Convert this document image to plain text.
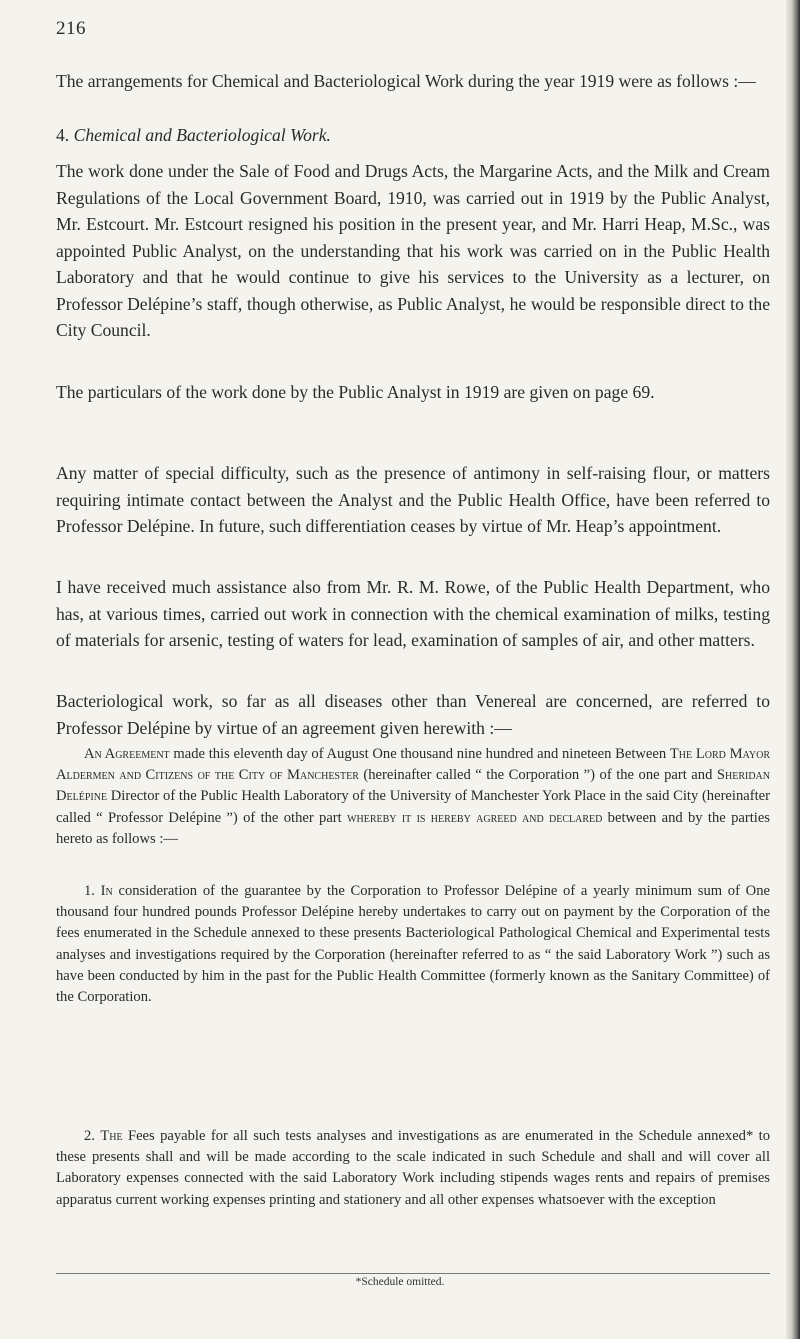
216

The arrangements for Chemical and Bacteriological Work during the year 1919 were as follows :—

4. Chemical and Bacteriological Work.

The work done under the Sale of Food and Drugs Acts, the Margarine Acts, and the Milk and Cream Regulations of the Local Government Board, 1910, was carried out in 1919 by the Public Analyst, Mr. Estcourt. Mr. Estcourt resigned his position in the present year, and Mr. Harri Heap, M.Sc., was appointed Public Analyst, on the understanding that his work was carried on in the Public Health Laboratory and that he would continue to give his services to the University as a lecturer, on Professor Delépine’s staff, though otherwise, as Public Analyst, he would be responsible direct to the City Council.

The particulars of the work done by the Public Analyst in 1919 are given on page 69.

Any matter of special difficulty, such as the presence of antimony in self-raising flour, or matters requiring intimate contact between the Analyst and the Public Health Office, have been referred to Professor Delépine. In future, such differentiation ceases by virtue of Mr. Heap’s appointment.

I have received much assistance also from Mr. R. M. Rowe, of the Public Health Department, who has, at various times, carried out work in connection with the chemical examination of milks, testing of materials for arsenic, testing of waters for lead, examination of samples of air, and other matters.

Bacteriological work, so far as all diseases other than Venereal are concerned, are referred to Professor Delépine by virtue of an agreement given herewith :—

An Agreement made this eleventh day of August One thousand nine hundred and nineteen Between The Lord Mayor Aldermen and Citizens of the City of Manchester (hereinafter called “ the Corporation ”) of the one part and Sheridan Delépine Director of the Public Health Laboratory of the University of Manchester York Place in the said City (hereinafter called “ Professor Delépine ”) of the other part whereby it is hereby agreed and declared between and by the parties hereto as follows :—

1. In consideration of the guarantee by the Corporation to Professor Delépine of a yearly minimum sum of One thousand four hundred pounds Professor Delépine hereby undertakes to carry out on payment by the Corporation of the fees enumerated in the Schedule annexed to these presents Bacteriological Pathological Chemical and Experimental tests analyses and investigations required by the Corporation (hereinafter referred to as “ the said Laboratory Work ”) such as have been conducted by him in the past for the Public Health Committee (formerly known as the Sanitary Committee) of the Corporation.

2. The Fees payable for all such tests analyses and investigations as are enumerated in the Schedule annexed* to these presents shall and will be made according to the scale indicated in such Schedule and shall and will cover all Laboratory expenses connected with the said Laboratory Work including stipends wages rents and repairs of premises apparatus current working expenses printing and stationery and all other expenses whatsoever with the exception

*Schedule omitted.
